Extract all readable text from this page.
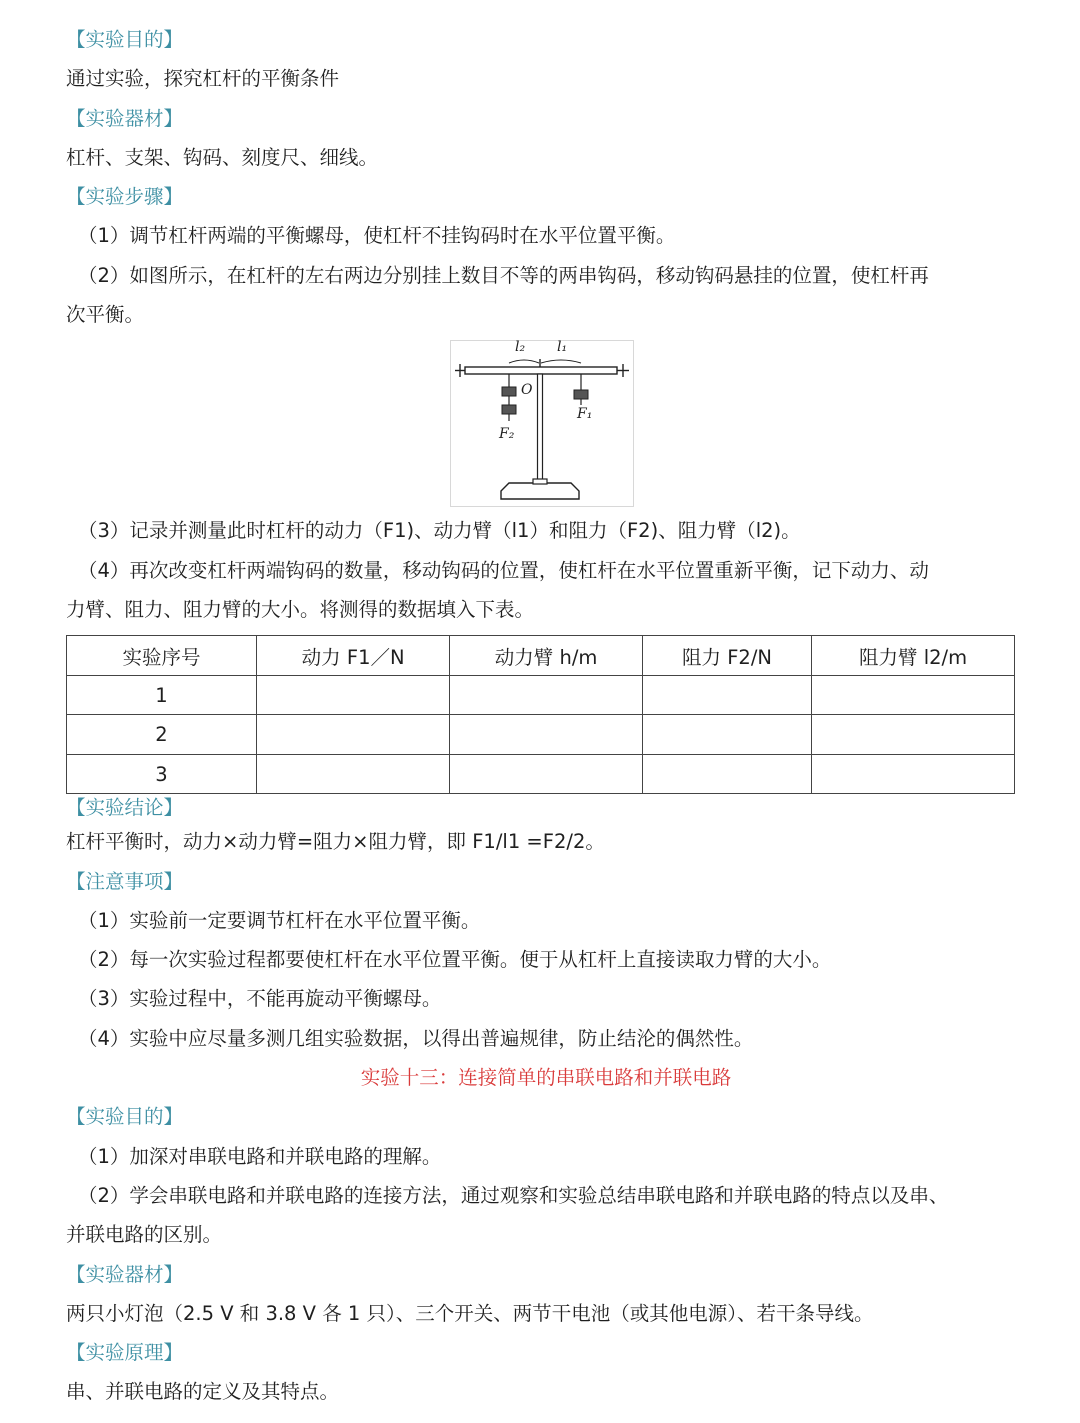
【实验目的】
通过实验，探究杠杆的平衡条件
【实验器材】
杠杆、支架、钩码、刻度尺、细线。
【实验步骤】
（1）调节杠杆两端的平衡螺母，使杠杆不挂钩码时在水平位置平衡。
（2）如图所示，在杠杆的左右两边分别挂上数目不等的两串钩码，移动钩码悬挂的位置，使杠杆再
次平衡。
l₂ l₁
O
F₁
F₂
（3）记录并测量此时杠杆的动力（F1)、动力臂（l1）和阻力（F2)、阻力臂（l2)。
（4）再次改变杠杆两端钩码的数量，移动钩码的位置，使杠杆在水平位置重新平衡，记下动力、动
力臂、阻力、阻力臂的大小。将测得的数据填入下表。
实验序号	动力 F1／N	动力臂 h/m	阻力 F2/N	阻力臂 l2/m
1				
2				
3				
【实验结论】
杠杆平衡时，动力×动力臂=阻力×阻力臂，即 F1/l1 =F2/2。
【注意事项】
（1）实验前一定要调节杠杆在水平位置平衡。
（2）每一次实验过程都要使杠杆在水平位置平衡。便于从杠杆上直接读取力臂的大小。
（3）实验过程中，不能再旋动平衡螺母。
（4）实验中应尽量多测几组实验数据，以得出普遍规律，防止结沦的偶然性。
实验十三：连接简单的串联电路和并联电路
【实验目的】
（1）加深对串联电路和并联电路的理解。
（2）学会串联电路和并联电路的连接方法，通过观察和实验总结串联电路和并联电路的特点以及串、
并联电路的区别。
【实验器材】
两只小灯泡（2.5 V 和 3.8 V 各 1 只）、三个开关、两节干电池（或其他电源）、若干条导线。
【实验原理】
串、并联电路的定义及其特点。
